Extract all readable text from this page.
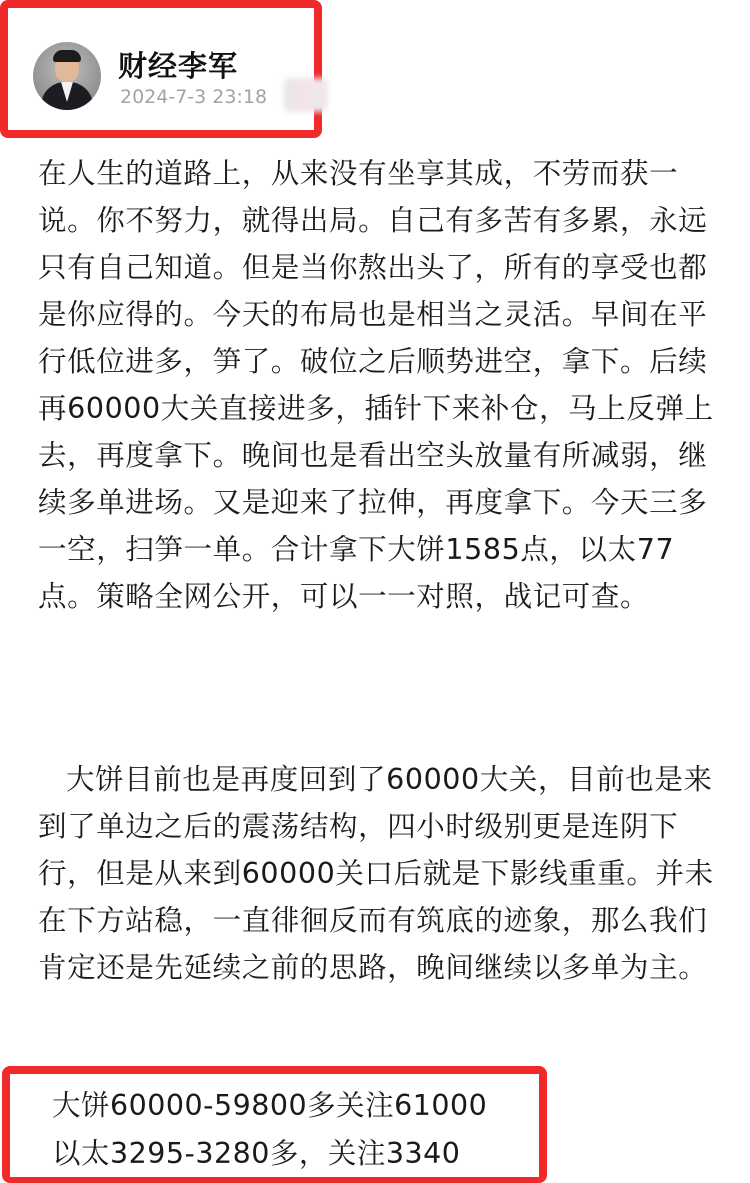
财经李军
2024-7-3 23:18
在人生的道路上，从来没有坐享其成，不劳而获一说。你不努力，就得出局。自己有多苦有多累，永远只有自己知道。但是当你熬出头了，所有的享受也都是你应得的。今天的布局也是相当之灵活。早间在平行低位进多，笋了。破位之后顺势进空，拿下。后续再60000大关直接进多，插针下来补仓，马上反弹上去，再度拿下。晚间也是看出空头放量有所减弱，继续多单进场。又是迎来了拉伸，再度拿下。今天三多一空，扫笋一单。合计拿下大饼1585点，以太77点。策略全网公开，可以一一对照，战记可查。
大饼目前也是再度回到了60000大关，目前也是来到了单边之后的震荡结构，四小时级别更是连阴下行，但是从来到60000关口后就是下影线重重。并未在下方站稳，一直徘徊反而有筑底的迹象，那么我们肯定还是先延续之前的思路，晚间继续以多单为主。
大饼60000-59800多关注61000
以太3295-3280多，关注3340
